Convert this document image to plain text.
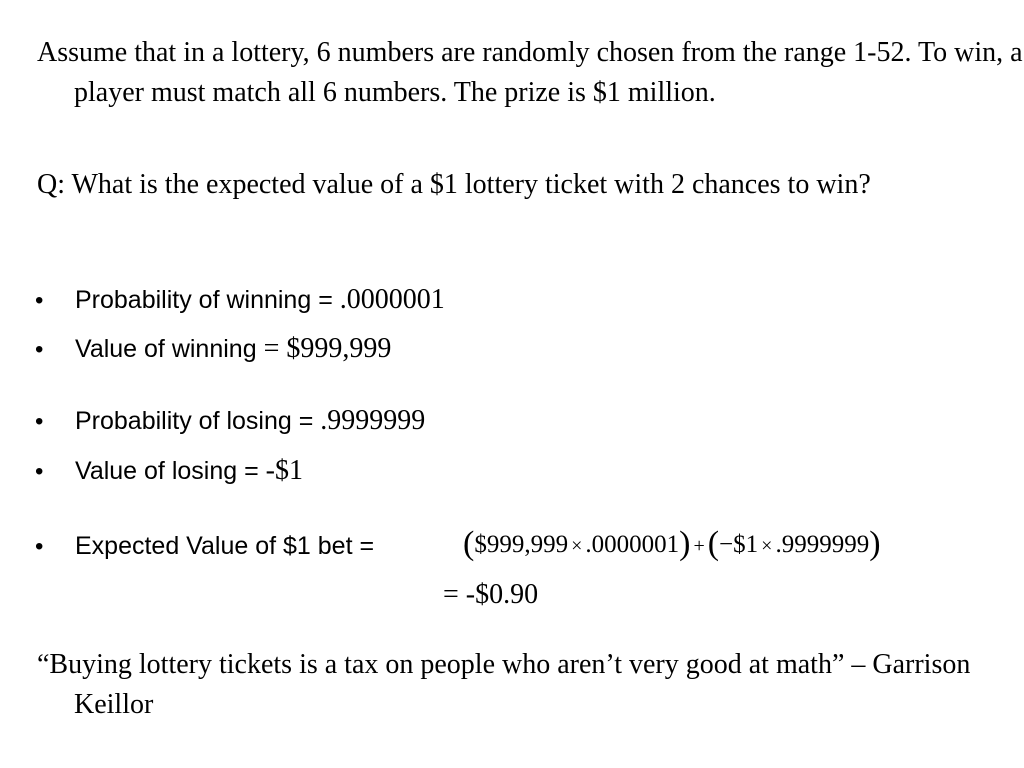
Assume that in a lottery, 6 numbers are randomly chosen from the range 1-52. To win, a player must match all 6 numbers. The prize is $1 million.
Q: What is the expected value of a $1 lottery ticket with 2 chances to win?
• Probability of winning = .0000001
• Value of winning = $999,999
• Probability of losing = .9999999
• Value of losing = -$1
• Expected Value of $1 bet =	($999,999 × .0000001) +(−$1 × .9999999)
= -$0.90
“Buying lottery tickets is a tax on people who aren’t very good at math” – Garrison Keillor
